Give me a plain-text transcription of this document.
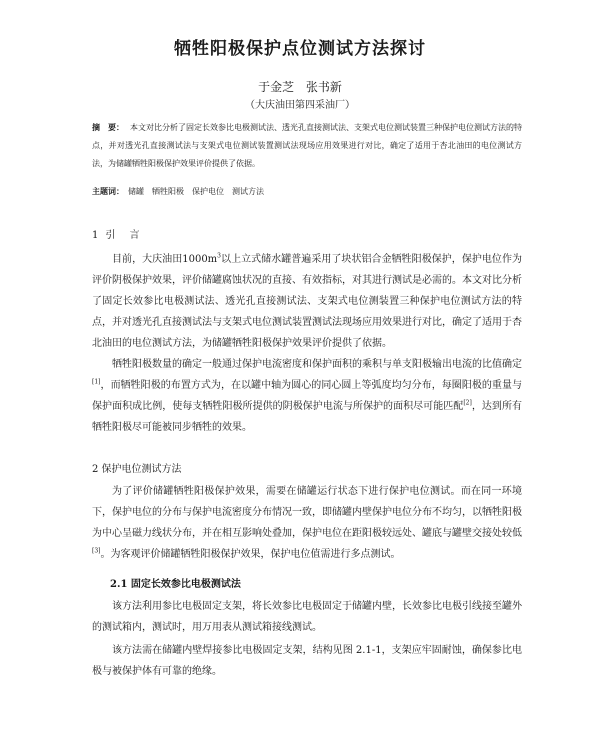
牺牲阳极保护点位测试方法探讨
于金芝 张书新
（大庆油田第四采油厂）
摘　要： 本文对比分析了固定长效参比电极测试法、透光孔直接测试法、支架式电位测试装置三种保护电位测试方法的特点，并对透光孔直接测试法与支架式电位测试装置测试法现场应用效果进行对比，确定了适用于杏北油田的电位测试方法，为储罐牺牲阳极保护效果评价提供了依据。
主题词： 储罐　牺牲阳极　保护电位　测试方法
1 引　言
目前，大庆油田$1000m^3$以上立式储水罐普遍采用了块状铝合金牺牲阳极保护，保护电位作为评价阴极保护效果，评价储罐腐蚀状况的直接、有效指标，对其进行测试是必需的。本文对比分析了固定长效参比电极测试法、透光孔直接测试法、支架式电位测装置三种保护电位测试方法的特点，并对透光孔直接测试法与支架式电位测试装置测试法现场应用效果进行对比，确定了适用于杏北油田的电位测试方法，为储罐牺牲阳极保护效果评价提供了依据。
牺牲阳极数量的确定一般通过保护电流密度和保护面积的乘积与单支阳极输出电流的比值确定[1]，而牺牲阳极的布置方式为，在以罐中轴为圆心的同心圆上等弧度均匀分布，每圈阳极的重量与保护面积成比例，使每支牺牲阳极所提供的阴极保护电流与所保护的面积尽可能匹配[2]，达到所有牺牲阳极尽可能被同步牺牲的效果。
2 保护电位测试方法
为了评价储罐牺牲阳极保护效果，需要在储罐运行状态下进行保护电位测试。而在同一环境下，保护电位的分布与保护电流密度分布情况一致，即储罐内壁保护电位分布不均匀，以牺牲阳极为中心呈磁力线状分布，并在相互影响处叠加，保护电位在距阳极较远处、罐底与罐壁交接处较低[3]。为客观评价储罐牺牲阳极保护效果，保护电位值需进行多点测试。
2.1 固定长效参比电极测试法
该方法利用参比电极固定支架，将长效参比电极固定于储罐内壁，长效参比电极引线接至罐外的测试箱内，测试时，用万用表从测试箱接线测试。
该方法需在储罐内壁焊接参比电极固定支架，结构见图 2.1-1，支架应牢固耐蚀，确保参比电极与被保护体有可靠的绝缘。
